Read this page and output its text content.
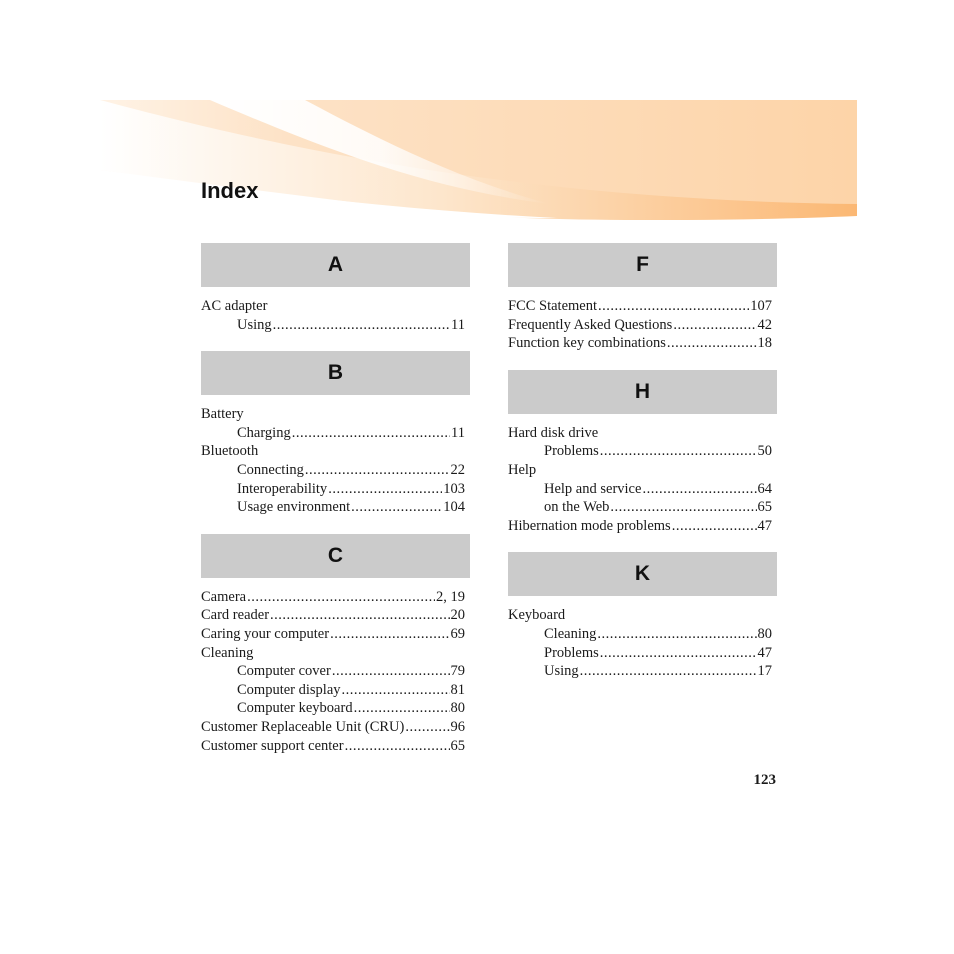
Index
A
AC adapter
Using .....	11
B
Battery
Charging .....	11
Bluetooth
Connecting .....	22
Interoperability .....	103
Usage environment .....	104
C
Camera .....	2, 19
Card reader .....	20
Caring your computer .....	69
Cleaning
Computer cover .....	79
Computer display .....	81
Computer keyboard .....	80
Customer Replaceable Unit (CRU) .....	96
Customer support center .....	65
F
FCC Statement .....	107
Frequently Asked Questions .....	42
Function key combinations .....	18
H
Hard disk drive
Problems .....	50
Help
Help and service .....	64
on the Web .....	65
Hibernation mode problems .....	47
K
Keyboard
Cleaning .....	80
Problems .....	47
Using .....	17
123
